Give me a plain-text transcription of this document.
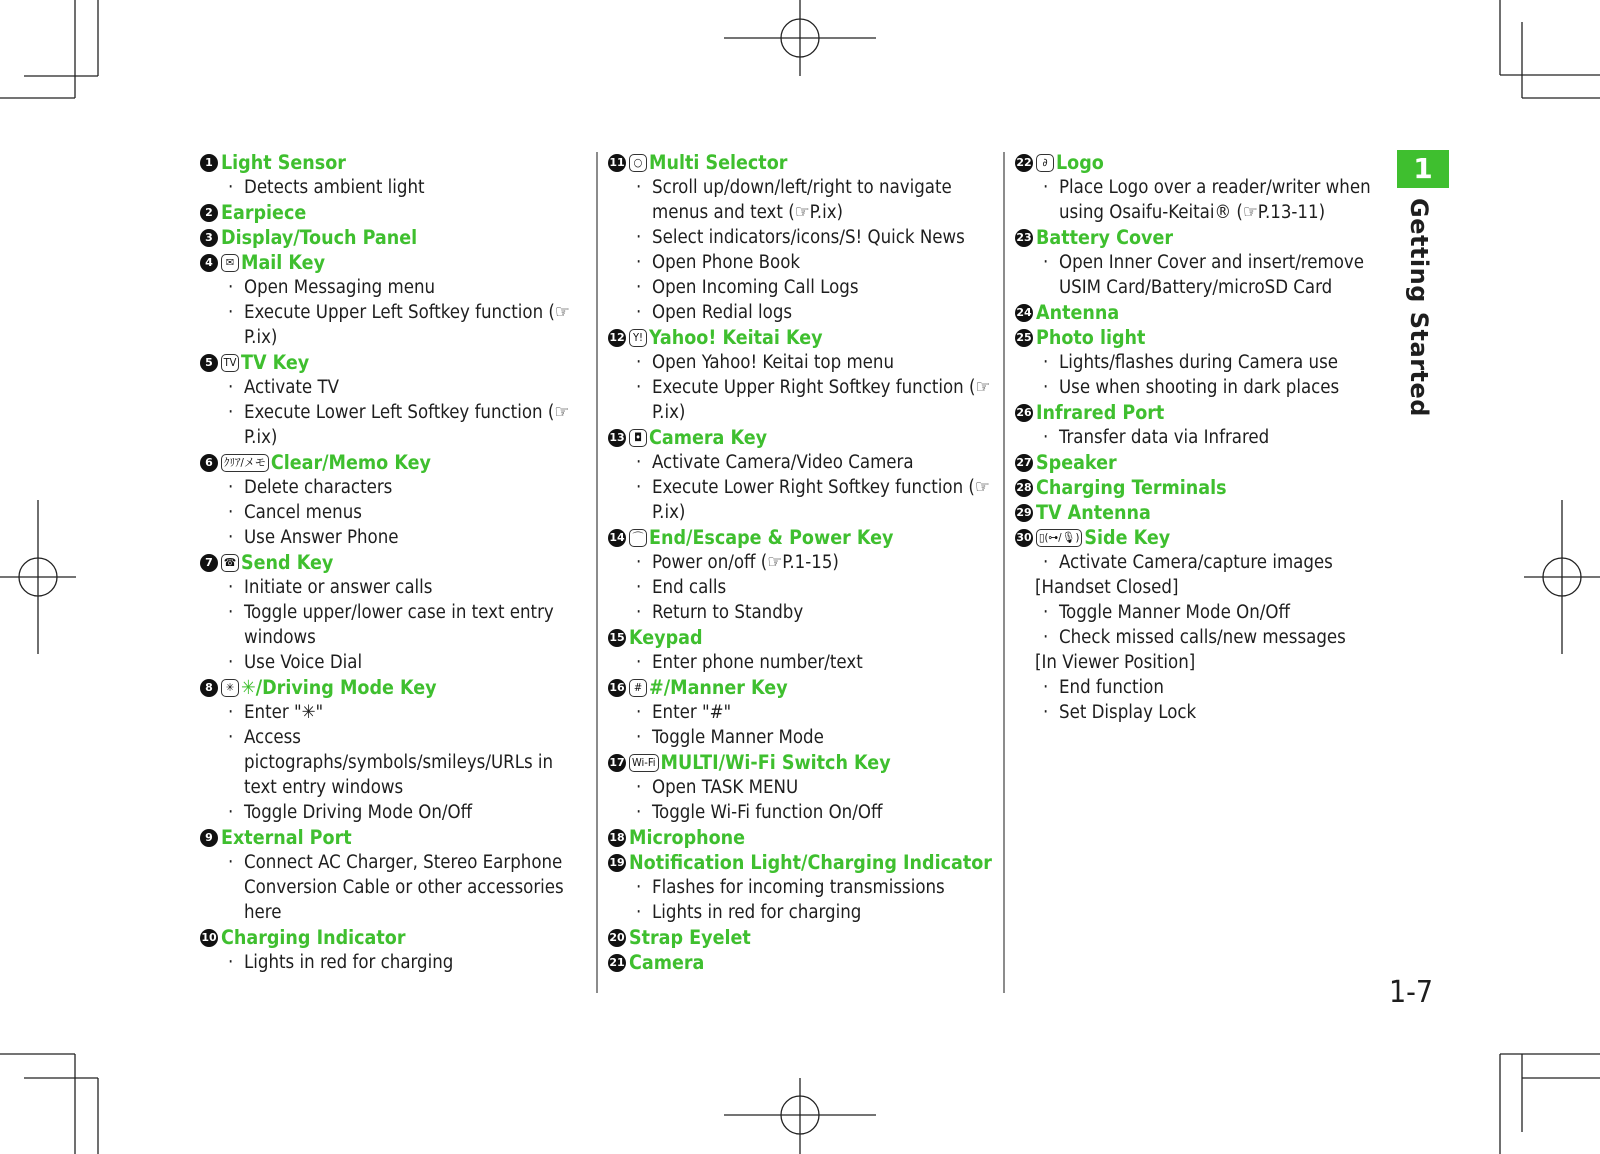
1 Light Sensor
· Detects ambient light
2 Earpiece
3 Display/Touch Panel
4	✉ Mail Key
· Open Messaging menu
· Execute Upper Left Softkey function (☞P.ix)
5 TV TV Key
· Activate TV
· Execute Lower Left Softkey function (☞P.ix)
6	ｸﾘｱ/メモ Clear/Memo Key
· Delete characters
· Cancel menus
· Use Answer Phone
7	☎ Send Key
· Initiate or answer calls
· Toggle upper/lower case in text entry windows
· Use Voice Dial
8	✳ ✳/Driving Mode Key
· Enter "✳"
· Access pictographs/symbols/smileys/URLs in text entry windows
· Toggle Driving Mode On/Off
9 External Port
· Connect AC Charger, Stereo Earphone Conversion Cable or other accessories here
10 Charging Indicator
· Lights in red for charging
11 ○ Multi Selector
· Scroll up/down/left/right to navigate menus and text (☞P.ix)
· Select indicators/icons/S! Quick News
· Open Phone Book
· Open Incoming Call Logs
· Open Redial logs
12 Y! Yahoo! Keitai Key
· Open Yahoo! Keitai top menu
· Execute Upper Right Softkey function (☞P.ix)
13 ◘ Camera Key
· Activate Camera/Video Camera
· Execute Lower Right Softkey function (☞P.ix)
14 ⌒ End/Escape & Power Key
· Power on/off (☞P.1-15)
· End calls
· Return to Standby
15 Keypad
· Enter phone number/text
16 # #/Manner Key
· Enter "#"
· Toggle Manner Mode
17 Wi-Fi MULTI/Wi-Fi Switch Key
· Open TASK MENU
· Toggle Wi-Fi function On/Off
18 Microphone
19 Notification Light/Charging Indicator
· Flashes for incoming transmissions
· Lights in red for charging
20 Strap Eyelet
21 Camera
22 ∂ Logo
· Place Logo over a reader/writer when using Osaifu-Keitai® (☞P.13-11)
23 Battery Cover
· Open Inner Cover and insert/remove USIM Card/Battery/microSD Card
24 Antenna
25 Photo light
· Lights/flashes during Camera use
· Use when shooting in dark places
26 Infrared Port
· Transfer data via Infrared
27 Speaker
28 Charging Terminals
29 TV Antenna
30 ▯(⊶/🎙) Side Key
· Activate Camera/capture images
[Handset Closed]
· Toggle Manner Mode On/Off
· Check missed calls/new messages
[In Viewer Position]
· End function
· Set Display Lock
1
Getting Started
1-7
